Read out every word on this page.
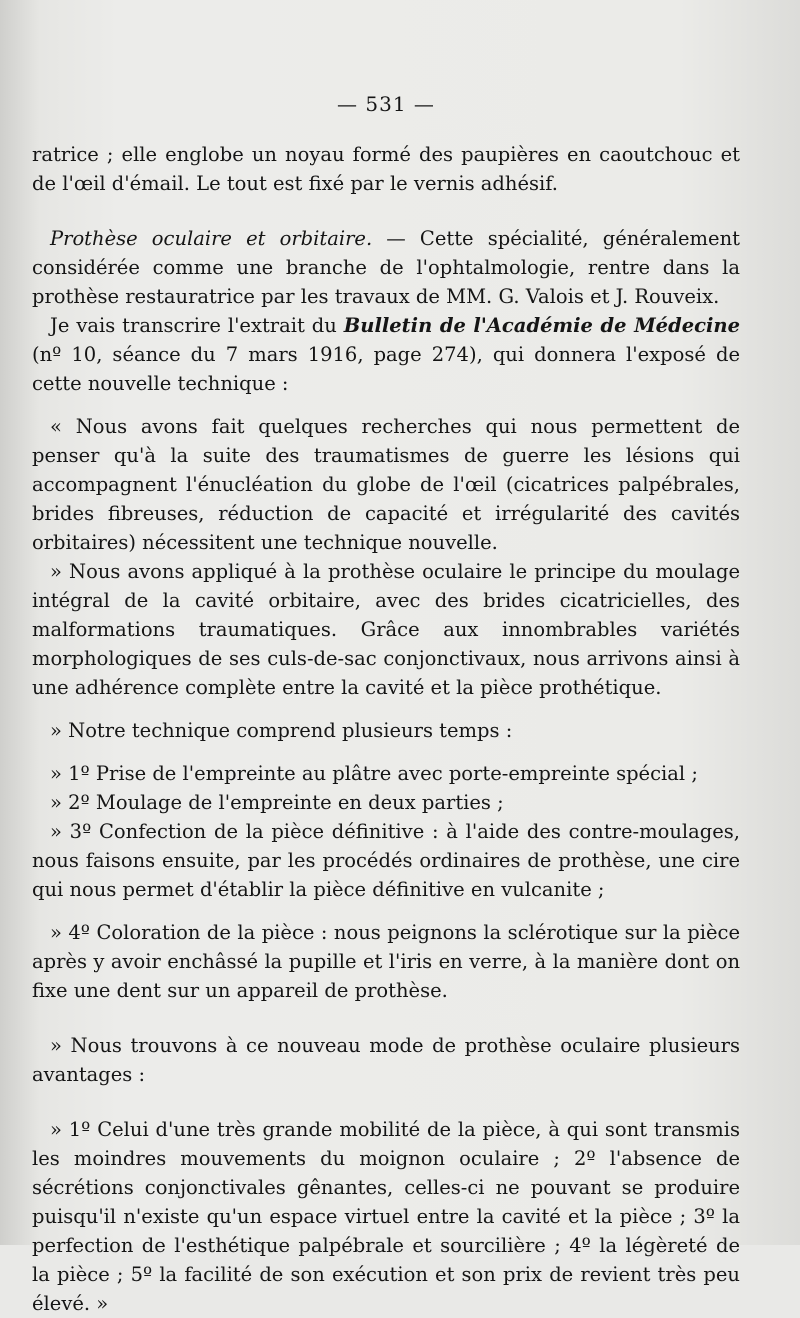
— 531 —

ratrice ; elle englobe un noyau formé des paupières en caoutchouc et de l'œil d'émail. Le tout est fixé par le vernis adhésif.

Prothèse oculaire et orbitaire. — Cette spécialité, généralement considérée comme une branche de l'ophtalmologie, rentre dans la prothèse restauratrice par les travaux de MM. G. Valois et J. Rouveix.

Je vais transcrire l'extrait du Bulletin de l'Académie de Médecine (nº 10, séance du 7 mars 1916, page 274), qui donnera l'exposé de cette nouvelle technique :

« Nous avons fait quelques recherches qui nous permettent de penser qu'à la suite des traumatismes de guerre les lésions qui accompagnent l'énucléation du globe de l'œil (cicatrices palpébrales, brides fibreuses, réduction de capacité et irrégularité des cavités orbitaires) nécessitent une technique nouvelle.

» Nous avons appliqué à la prothèse oculaire le principe du moulage intégral de la cavité orbitaire, avec des brides cicatricielles, des malformations traumatiques. Grâce aux innombrables variétés morphologiques de ses culs-de-sac conjonctivaux, nous arrivons ainsi à une adhérence complète entre la cavité et la pièce prothétique.

» Notre technique comprend plusieurs temps :

» 1º Prise de l'empreinte au plâtre avec porte-empreinte spécial ;

» 2º Moulage de l'empreinte en deux parties ;

» 3º Confection de la pièce définitive : à l'aide des contre-moulages, nous faisons ensuite, par les procédés ordinaires de prothèse, une cire qui nous permet d'établir la pièce définitive en vulcanite ;

» 4º Coloration de la pièce : nous peignons la sclérotique sur la pièce après y avoir enchâssé la pupille et l'iris en verre, à la manière dont on fixe une dent sur un appareil de prothèse.

» Nous trouvons à ce nouveau mode de prothèse oculaire plusieurs avantages :

» 1º Celui d'une très grande mobilité de la pièce, à qui sont transmis les moindres mouvements du moignon oculaire ; 2º l'absence de sécrétions conjonctivales gênantes, celles-ci ne pouvant se produire puisqu'il n'existe qu'un espace virtuel entre la cavité et la pièce ; 3º la perfection de l'esthétique palpébrale et sourcilière ; 4º la légèreté de la pièce ; 5º la facilité de son exécution et son prix de revient très peu élevé. »
